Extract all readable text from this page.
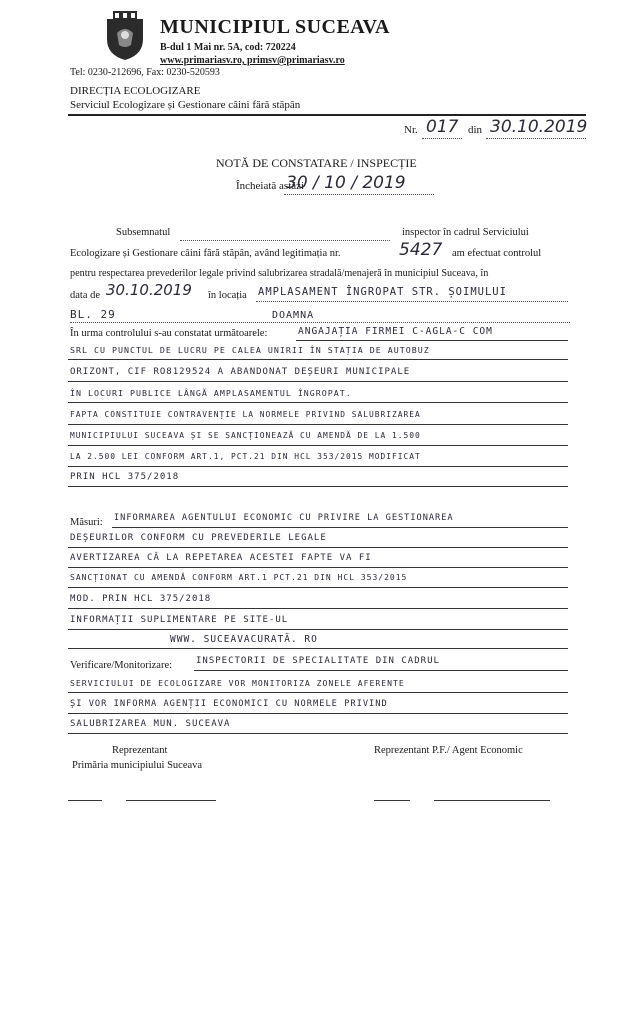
MUNICIPIUL SUCEAVA
B-dul 1 Mai nr. 5A, cod: 720224
www.primariasv.ro, primsv@primariasv.ro
Tel: 0230-212696, Fax: 0230-520593
DIRECȚIA ECOLOGIZARE
Serviciul Ecologizare și Gestionare câini fără stăpân
Nr. 017 din 30.10.2019
NOTĂ DE CONSTATARE / INSPECȚIE
Încheiată astăzi
30 / 10 / 2019
Subsemnatul	inspector în cadrul Serviciului
Ecologizare și Gestionare câini fără stăpân, având legitimația nr.	5427 am efectuat controlul
pentru respectarea prevederilor legale privind salubrizarea stradală/menajeră în municipiul Suceava, în
data de 30.10.2019 în locația AMPLASAMENT ÎNGROPAT STR. ȘOIMULUI
BL. 29	DOAMNA
În urma controlului s-au constatat următoarele:	ANGAJAȚIA FIRMEI C-AGLA-C COM
SRL CU PUNCTUL DE LUCRU PE CALEA UNIRII ÎN STAȚIA DE AUTOBUZ
ORIZONT, CIF RO8129524 A ABANDONAT DEȘEURI MUNICIPALE
ÎN LOCURI PUBLICE LÂNGĂ AMPLASAMENTUL ÎNGROPAT.
FAPTA CONSTITUIE CONTRAVENȚIE LA NORMELE PRIVIND SALUBRIZAREA
MUNICIPIULUI SUCEAVA ȘI SE SANCȚIONEAZĂ CU AMENDĂ DE LA 1.500
LA 2.500 LEI CONFORM ART.1, PCT.21 DIN HCL 353/2015 MODIFICAT
PRIN HCL 375/2018
Măsuri: INFORMAREA AGENTULUI ECONOMIC CU PRIVIRE LA GESTIONAREA
DEȘEURILOR CONFORM CU PREVEDERILE LEGALE
AVERTIZAREA CĂ LA REPETAREA ACESTEI FAPTE VA FI
SANCȚIONAT CU AMENDĂ CONFORM ART.1 PCT.21 DIN HCL 353/2015
MOD. PRIN HCL 375/2018
INFORMAȚII SUPLIMENTARE PE SITE-UL
WWW. SUCEAVACURATĂ. RO
Verificare/Monitorizare:	INSPECTORII DE SPECIALITATE DIN CADRUL
SERVICIULUI DE ECOLOGIZARE VOR MONITORIZA ZONELE AFERENTE
ȘI VOR INFORMA AGENȚII ECONOMICI CU NORMELE PRIVIND
SALUBRIZAREA MUN. SUCEAVA
Reprezentant
Primăria municipiului Suceava
Reprezentant P.F./ Agent Economic
